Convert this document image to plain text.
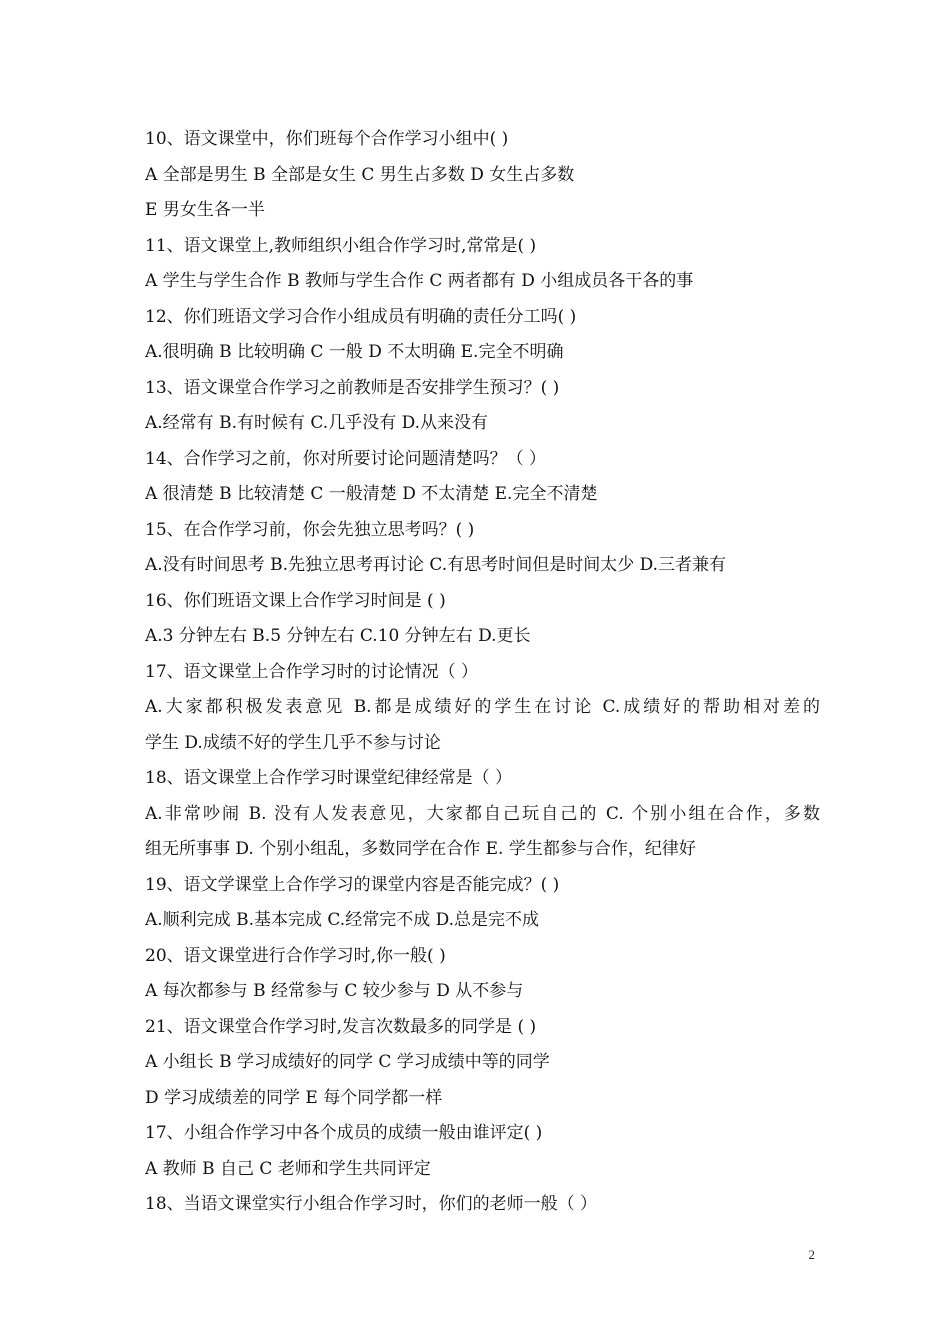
10、语文课堂中，你们班每个合作学习小组中( )
A 全部是男生 B 全部是女生 C 男生占多数 D 女生占多数
E 男女生各一半
11、语文课堂上,教师组织小组合作学习时,常常是( )
A 学生与学生合作 B 教师与学生合作 C 两者都有 D 小组成员各干各的事
12、你们班语文学习合作小组成员有明确的责任分工吗( )
A.很明确 B 比较明确 C 一般 D 不太明确 E.完全不明确
13、语文课堂合作学习之前教师是否安排学生预习？( )
A.经常有 B.有时候有 C.几乎没有 D.从来没有
14、合作学习之前，你对所要讨论问题清楚吗？（ ）
A 很清楚 B 比较清楚 C 一般清楚 D 不太清楚 E.完全不清楚
15、在合作学习前，你会先独立思考吗？( )
A.没有时间思考 B.先独立思考再讨论 C.有思考时间但是时间太少 D.三者兼有
16、你们班语文课上合作学习时间是 ( )
A.3 分钟左右 B.5 分钟左右 C.10 分钟左右 D.更长
17、语文课堂上合作学习时的讨论情况（ ）
A.大家都积极发表意见 B.都是成绩好的学生在讨论 C.成绩好的帮助相对差的
学生 D.成绩不好的学生几乎不参与讨论
18、语文课堂上合作学习时课堂纪律经常是（ ）
A.非常吵闹 B. 没有人发表意见，大家都自己玩自己的 C. 个别小组在合作，多数
组无所事事 D. 个别小组乱，多数同学在合作 E. 学生都参与合作，纪律好
19、语文学课堂上合作学习的课堂内容是否能完成？( )
A.顺利完成 B.基本完成 C.经常完不成 D.总是完不成
20、语文课堂进行合作学习时,你一般( )
A 每次都参与 B 经常参与 C 较少参与 D 从不参与
21、语文课堂合作学习时,发言次数最多的同学是 ( )
A 小组长 B 学习成绩好的同学 C 学习成绩中等的同学
D 学习成绩差的同学 E 每个同学都一样
17、小组合作学习中各个成员的成绩一般由谁评定( )
A 教师 B 自己 C 老师和学生共同评定
18、当语文课堂实行小组合作学习时，你们的老师一般（ ）
2
